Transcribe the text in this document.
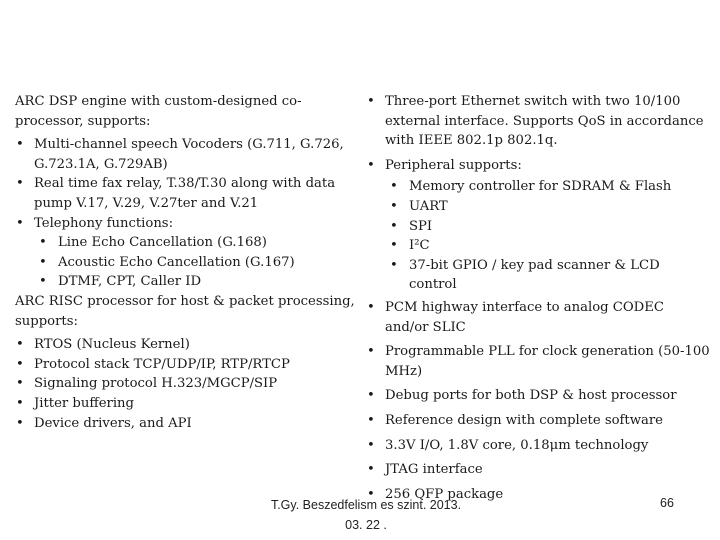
ARC DSP engine with custom-designed co-processor, supports:

• Multi-channel speech Vocoders (G.711, G.726, G.723.1A, G.729AB)
• Real time fax relay, T.38/T.30 along with data pump V.17, V.29, V.27ter and V.21
• Telephony functions:
• Line Echo Cancellation (G.168)
• Acoustic Echo Cancellation (G.167)
• DTMF, CPT, Caller ID

ARC RISC processor for host & packet processing, supports:

• RTOS (Nucleus Kernel)
• Protocol stack TCP/UDP/IP, RTP/RTCP
• Signaling protocol H.323/MGCP/SIP
• Jitter buffering
• Device drivers, and API
• Three-port Ethernet switch with two 10/100 external interface. Supports QoS in accordance with IEEE 802.1p 802.1q.
• Peripheral supports:
• Memory controller for SDRAM & Flash
• UART
• SPI
• I²C
• 37-bit GPIO / key pad scanner & LCD control
• PCM highway interface to analog CODEC and/or SLIC
• Programmable PLL for clock generation (50-100 MHz)
• Debug ports for both DSP & host processor
• Reference design with complete software
• 3.3V I/O, 1.8V core, 0.18μm technology
• JTAG interface
• 256 QFP package
T.Gy. Beszedfelism es szint. 2013.
03. 22 .
66
